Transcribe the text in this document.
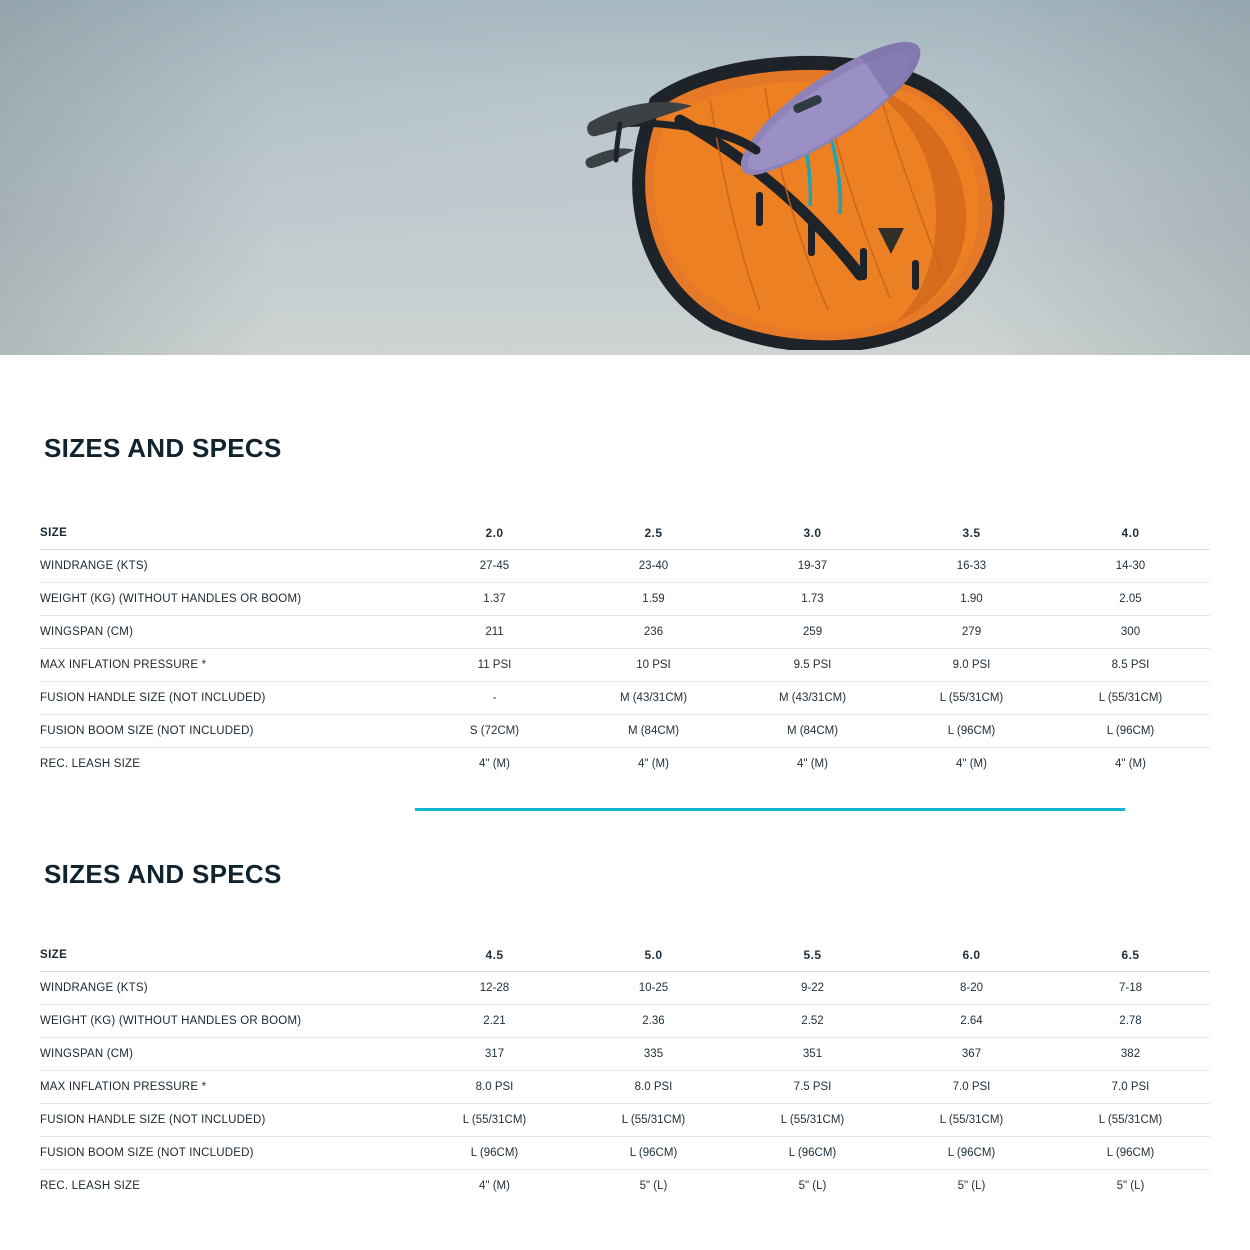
SIZES AND SPECS
SIZE	2.0	2.5	3.0	3.5	4.0
WINDRANGE (KTS)	27-45	23-40	19-37	16-33	14-30
WEIGHT (KG) (WITHOUT HANDLES OR BOOM)	1.37	1.59	1.73	1.90	2.05
WINGSPAN (CM)	211	236	259	279	300
MAX INFLATION PRESSURE *	11 PSI	10 PSI	9.5 PSI	9.0 PSI	8.5 PSI
FUSION HANDLE SIZE (NOT INCLUDED)	-	M (43/31CM)	M (43/31CM)	L (55/31CM)	L (55/31CM)
FUSION BOOM SIZE (NOT INCLUDED)	S (72CM)	M (84CM)	M (84CM)	L (96CM)	L (96CM)
REC. LEASH SIZE	4" (M)	4" (M)	4" (M)	4" (M)	4" (M)
SIZES AND SPECS
SIZE	4.5	5.0	5.5	6.0	6.5
WINDRANGE (KTS)	12-28	10-25	9-22	8-20	7-18
WEIGHT (KG) (WITHOUT HANDLES OR BOOM)	2.21	2.36	2.52	2.64	2.78
WINGSPAN (CM)	317	335	351	367	382
MAX INFLATION PRESSURE *	8.0 PSI	8.0 PSI	7.5 PSI	7.0 PSI	7.0 PSI
FUSION HANDLE SIZE (NOT INCLUDED)	L (55/31CM)	L (55/31CM)	L (55/31CM)	L (55/31CM)	L (55/31CM)
FUSION BOOM SIZE (NOT INCLUDED)	L (96CM)	L (96CM)	L (96CM)	L (96CM)	L (96CM)
REC. LEASH SIZE	4" (M)	5" (L)	5" (L)	5" (L)	5" (L)
